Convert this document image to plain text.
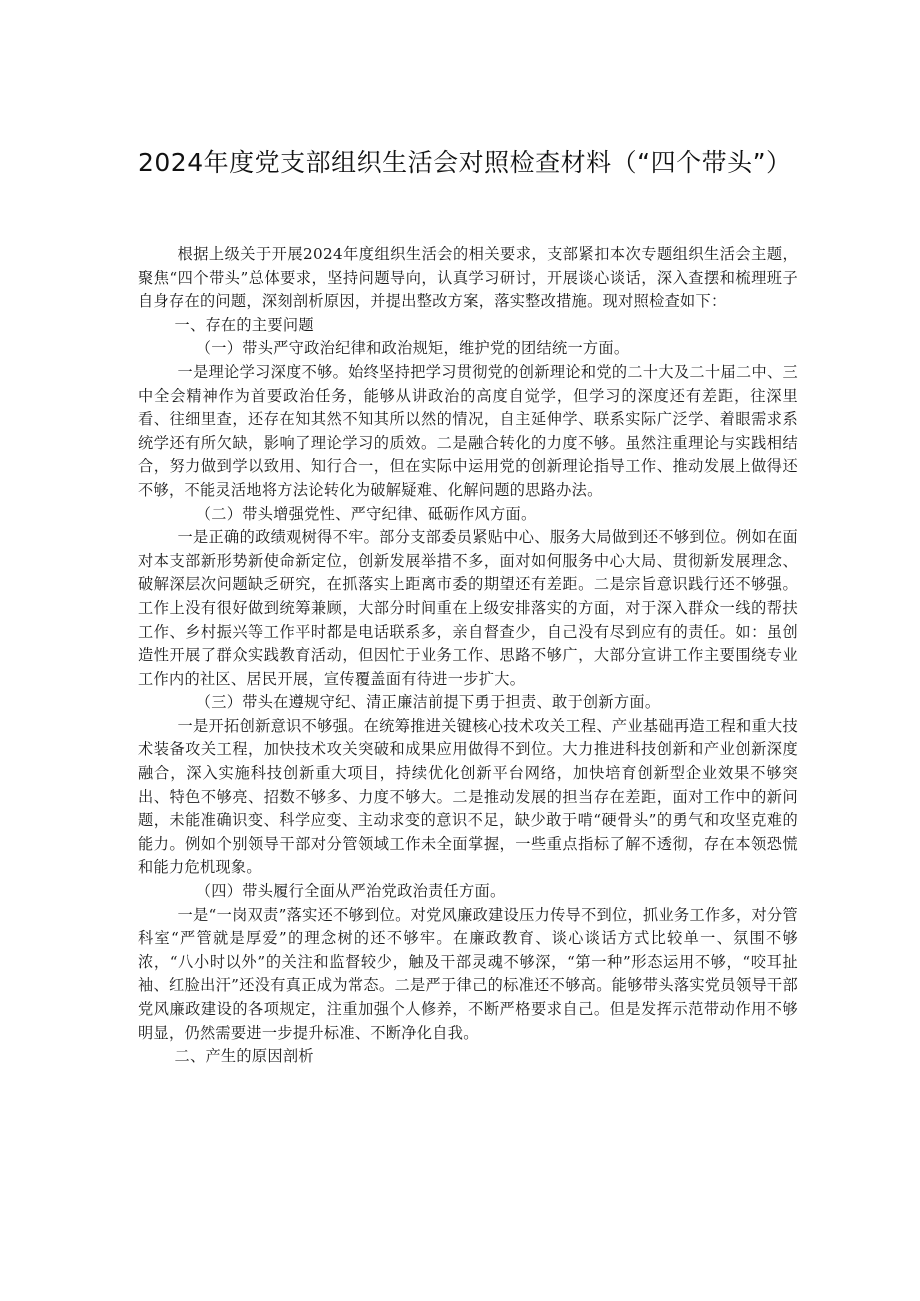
2024年度党支部组织生活会对照检查材料（“四个带头”）

根据上级关于开展2024年度组织生活会的相关要求，支部紧扣本次专题组织生活会主题，聚焦“四个带头”总体要求，坚持问题导向，认真学习研讨，开展谈心谈话，深入查摆和梳理班子自身存在的问题，深刻剖析原因，并提出整改方案，落实整改措施。现对照检查如下：

一、存在的主要问题

（一）带头严守政治纪律和政治规矩，维护党的团结统一方面。

一是理论学习深度不够。始终坚持把学习贯彻党的创新理论和党的二十大及二十届二中、三中全会精神作为首要政治任务，能够从讲政治的高度自觉学，但学习的深度还有差距，往深里看、往细里查，还存在知其然不知其所以然的情况，自主延伸学、联系实际广泛学、着眼需求系统学还有所欠缺，影响了理论学习的质效。二是融合转化的力度不够。虽然注重理论与实践相结合，努力做到学以致用、知行合一，但在实际中运用党的创新理论指导工作、推动发展上做得还不够，不能灵活地将方法论转化为破解疑难、化解问题的思路办法。

（二）带头增强党性、严守纪律、砥砺作风方面。

一是正确的政绩观树得不牢。部分支部委员紧贴中心、服务大局做到还不够到位。例如在面对本支部新形势新使命新定位，创新发展举措不多，面对如何服务中心大局、贯彻新发展理念、破解深层次问题缺乏研究，在抓落实上距离市委的期望还有差距。二是宗旨意识践行还不够强。工作上没有很好做到统筹兼顾，大部分时间重在上级安排落实的方面，对于深入群众一线的帮扶工作、乡村振兴等工作平时都是电话联系多，亲自督查少，自己没有尽到应有的责任。如：虽创造性开展了群众实践教育活动，但因忙于业务工作、思路不够广，大部分宣讲工作主要围绕专业工作内的社区、居民开展，宣传覆盖面有待进一步扩大。

（三）带头在遵规守纪、清正廉洁前提下勇于担责、敢于创新方面。

一是开拓创新意识不够强。在统筹推进关键核心技术攻关工程、产业基础再造工程和重大技术装备攻关工程，加快技术攻关突破和成果应用做得不到位。大力推进科技创新和产业创新深度融合，深入实施科技创新重大项目，持续优化创新平台网络，加快培育创新型企业效果不够突出、特色不够亮、招数不够多、力度不够大。二是推动发展的担当存在差距，面对工作中的新问题，未能准确识变、科学应变、主动求变的意识不足，缺少敢于啃“硬骨头”的勇气和攻坚克难的能力。例如个别领导干部对分管领域工作未全面掌握，一些重点指标了解不透彻，存在本领恐慌和能力危机现象。

（四）带头履行全面从严治党政治责任方面。

一是“一岗双责”落实还不够到位。对党风廉政建设压力传导不到位，抓业务工作多，对分管科室“严管就是厚爱”的理念树的还不够牢。在廉政教育、谈心谈话方式比较单一、氛围不够浓，“八小时以外”的关注和监督较少，触及干部灵魂不够深，“第一种”形态运用不够，“咬耳扯袖、红脸出汗”还没有真正成为常态。二是严于律己的标准还不够高。能够带头落实党员领导干部党风廉政建设的各项规定，注重加强个人修养，不断严格要求自己。但是发挥示范带动作用不够明显，仍然需要进一步提升标准、不断净化自我。

二、产生的原因剖析
